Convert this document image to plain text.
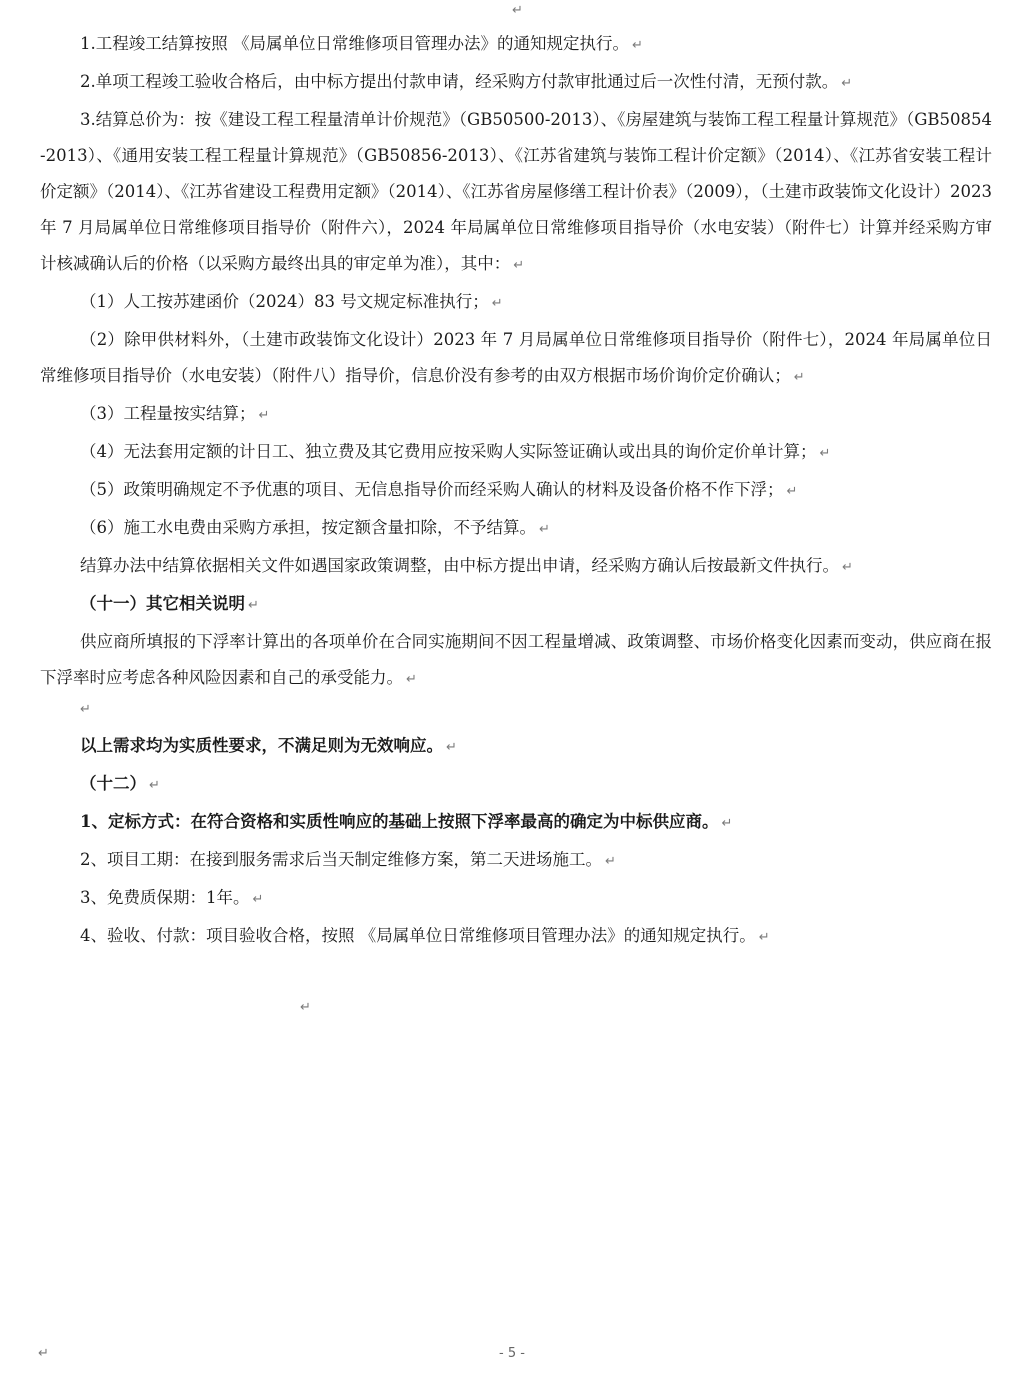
↵

1.工程竣工结算按照 《局属单位日常维修项目管理办法》的通知规定执行。 ↵

2.单项工程竣工验收合格后，由中标方提出付款申请，经采购方付款审批通过后一次性付清，无预付款。 ↵

3.结算总价为：按《建设工程工程量清单计价规范》（GB50500-2013）、《房屋建筑与装饰工程工程量计算规范》（GB50854-2013）、《通用安装工程工程量计算规范》（GB50856-2013）、《江苏省建筑与装饰工程计价定额》（2014）、《江苏省安装工程计价定额》（2014）、《江苏省建设工程费用定额》（2014）、《江苏省房屋修缮工程计价表》（2009），（土建市政装饰文化设计）2023 年 7 月局属单位日常维修项目指导价（附件六），2024 年局属单位日常维修项目指导价（水电安装）（附件七）计算并经采购方审计核减确认后的价格（以采购方最终出具的审定单为准），其中： ↵

（1）人工按苏建函价（2024）83 号文规定标准执行； ↵

（2）除甲供材料外，（土建市政装饰文化设计）2023 年 7 月局属单位日常维修项目指导价（附件七），2024 年局属单位日常维修项目指导价（水电安装）（附件八）指导价，信息价没有参考的由双方根据市场价询价定价确认； ↵

（3）工程量按实结算； ↵

（4）无法套用定额的计日工、独立费及其它费用应按采购人实际签证确认或出具的询价定价单计算； ↵

（5）政策明确规定不予优惠的项目、无信息指导价而经采购人确认的材料及设备价格不作下浮； ↵

（6）施工水电费由采购方承担，按定额含量扣除，不予结算。 ↵

结算办法中结算依据相关文件如遇国家政策调整，由中标方提出申请，经采购方确认后按最新文件执行。 ↵

（十一）其它相关说明 ↵

供应商所填报的下浮率计算出的各项单价在合同实施期间不因工程量增减、政策调整、市场价格变化因素而变动，供应商在报下浮率时应考虑各种风险因素和自己的承受能力。 ↵

↵

以上需求均为实质性要求，不满足则为无效响应。 ↵

（十二） ↵

1、定标方式：在符合资格和实质性响应的基础上按照下浮率最高的确定为中标供应商。 ↵

2、项目工期：在接到服务需求后当天制定维修方案，第二天进场施工。 ↵

3、免费质保期：1年。 ↵

4、验收、付款：项目验收合格，按照 《局属单位日常维修项目管理办法》的通知规定执行。 ↵

↵
↵	- 5 -
